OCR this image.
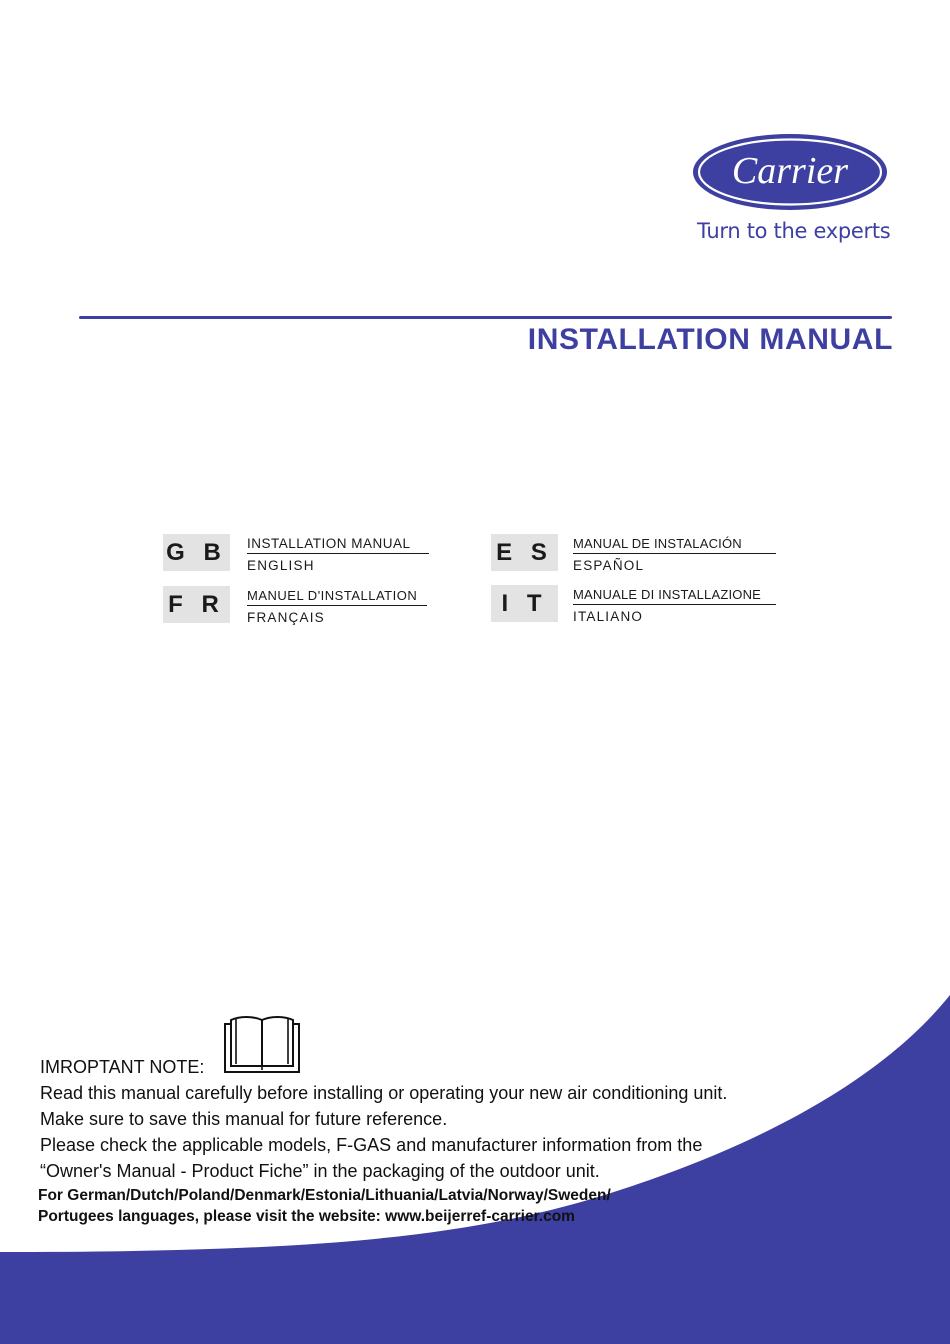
Carrier
Turn to the experts
INSTALLATION MANUAL
G B INSTALLATION MANUAL
ENGLISH
F R	MANUEL D'INSTALLATION
FRANÇAIS
E S	MANUAL DE INSTALACIÓN
ESPAÑOL
I T	MANUALE DI INSTALLAZIONE
ITALIANO
IMROPTANT NOTE:
Read this manual carefully before installing or operating your new air conditioning unit.
Make sure to save this manual for future reference.
Please check the applicable models, F-GAS and manufacturer information from the
“Owner's Manual - Product Fiche” in the packaging of the outdoor unit.
For German/Dutch/Poland/Denmark/Estonia/Lithuania/Latvia/Norway/Sweden/
Portugees languages, please visit the website: www.beijerref-carrier.com
